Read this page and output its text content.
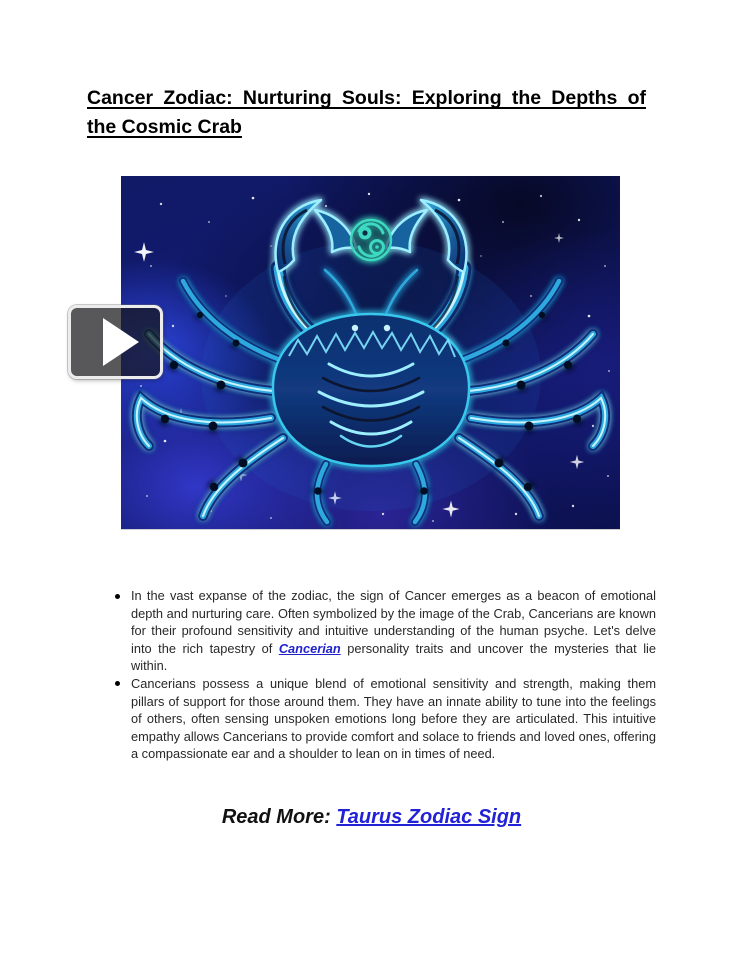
Cancer Zodiac: Nurturing Souls: Exploring the Depths of the Cosmic Crab
In the vast expanse of the zodiac, the sign of Cancer emerges as a beacon of emotional depth and nurturing care. Often symbolized by the image of the Crab, Cancerians are known for their profound sensitivity and intuitive understanding of the human psyche. Let's delve into the rich tapestry of Cancerian personality traits and uncover the mysteries that lie within.
Cancerians possess a unique blend of emotional sensitivity and strength, making them pillars of support for those around them. They have an innate ability to tune into the feelings of others, often sensing unspoken emotions long before they are articulated. This intuitive empathy allows Cancerians to provide comfort and solace to friends and loved ones, offering a compassionate ear and a shoulder to lean on in times of need.
Read More: Taurus Zodiac Sign
